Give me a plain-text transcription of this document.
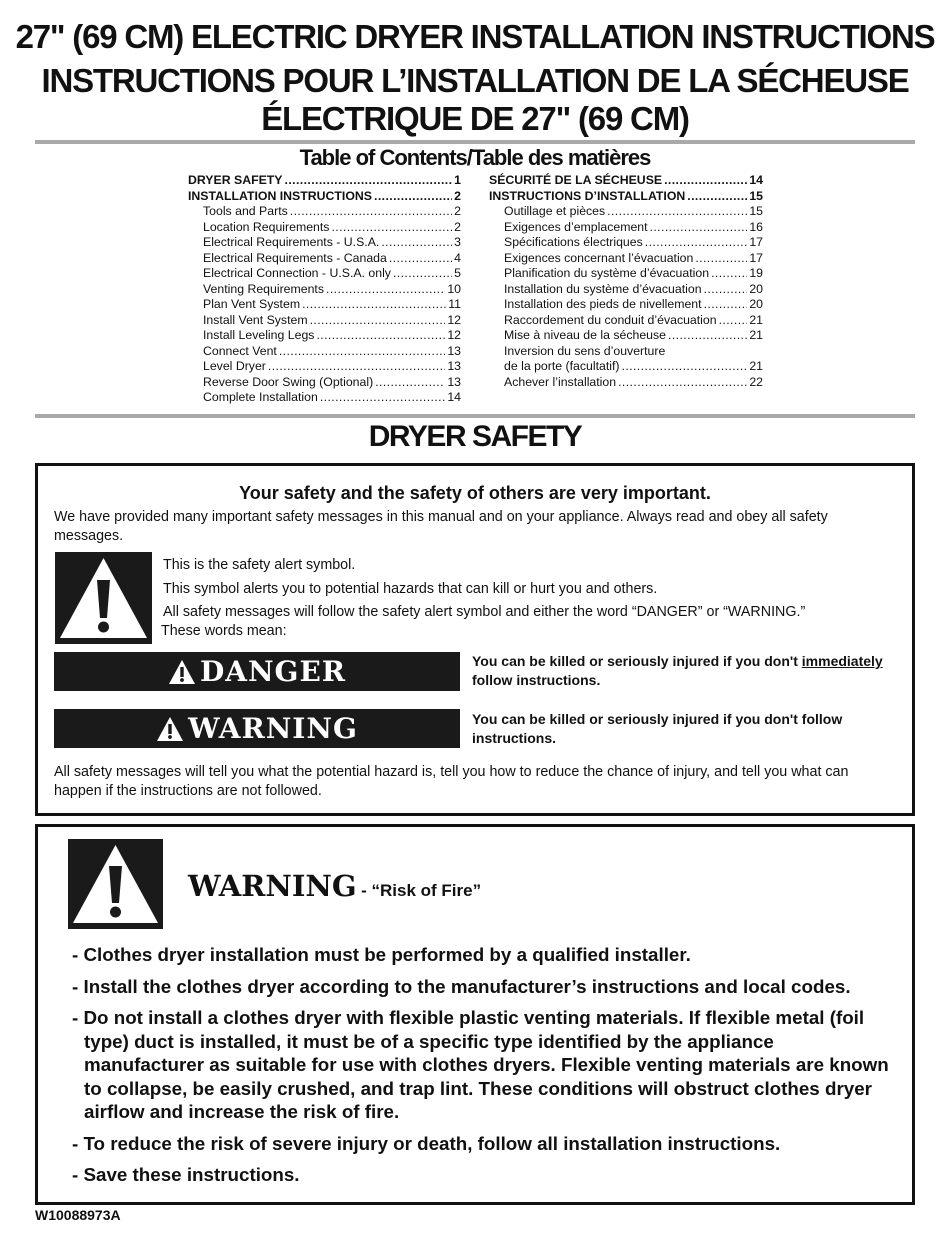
27" (69 CM) ELECTRIC DRYER INSTALLATION INSTRUCTIONS
INSTRUCTIONS POUR L’INSTALLATION DE LA SÉCHEUSE
ÉLECTRIQUE DE 27" (69 CM)
Table of Contents/Table des matières
DRYER SAFETY .....	1
INSTALLATION INSTRUCTIONS .....	2
Tools and Parts .....	2
Location Requirements .....	2
Electrical Requirements - U.S.A. .....	3
Electrical Requirements - Canada .....	4
Electrical Connection - U.S.A. only .....	5
Venting Requirements .....	10
Plan Vent System .....	11
Install Vent System .....	12
Install Leveling Legs .....	12
Connect Vent .....	13
Level Dryer .....	13
Reverse Door Swing (Optional) .....	13
Complete Installation .....	14
SÉCURITÉ DE LA SÉCHEUSE .....	14
INSTRUCTIONS D’INSTALLATION .....	15
Outillage et pièces .....	15
Exigences d’emplacement .....	16
Spécifications électriques .....	17
Exigences concernant l’évacuation .....	17
Planification du système d’évacuation .....	19
Installation du système d’évacuation .....	20
Installation des pieds de nivellement .....	20
Raccordement du conduit d’évacuation .....	21
Mise à niveau de la sécheuse .....	21
Inversion du sens d’ouverture
de la porte (facultatif) .....	21
Achever l’installation .....	22
DRYER SAFETY
Your safety and the safety of others are very important.
We have provided many important safety messages in this manual and on your appliance. Always read and obey all safety messages.
This is the safety alert symbol.
This symbol alerts you to potential hazards that can kill or hurt you and others.
All safety messages will follow the safety alert symbol and either the word “DANGER” or “WARNING.”
These words mean:
DANGER	You can be killed or seriously injured if you don't immediately follow instructions.
WARNING	You can be killed or seriously injured if you don't follow instructions.
All safety messages will tell you what the potential hazard is, tell you how to reduce the chance of injury, and tell you what can happen if the instructions are not followed.
WARNING - “Risk of Fire”
- Clothes dryer installation must be performed by a qualified installer.
- Install the clothes dryer according to the manufacturer’s instructions and local codes.
- Do not install a clothes dryer with flexible plastic venting materials. If flexible metal (foil type) duct is installed, it must be of a specific type identified by the appliance manufacturer as suitable for use with clothes dryers. Flexible venting materials are known to collapse, be easily crushed, and trap lint. These conditions will obstruct clothes dryer airflow and increase the risk of fire.
- To reduce the risk of severe injury or death, follow all installation instructions.
- Save these instructions.
W10088973A
